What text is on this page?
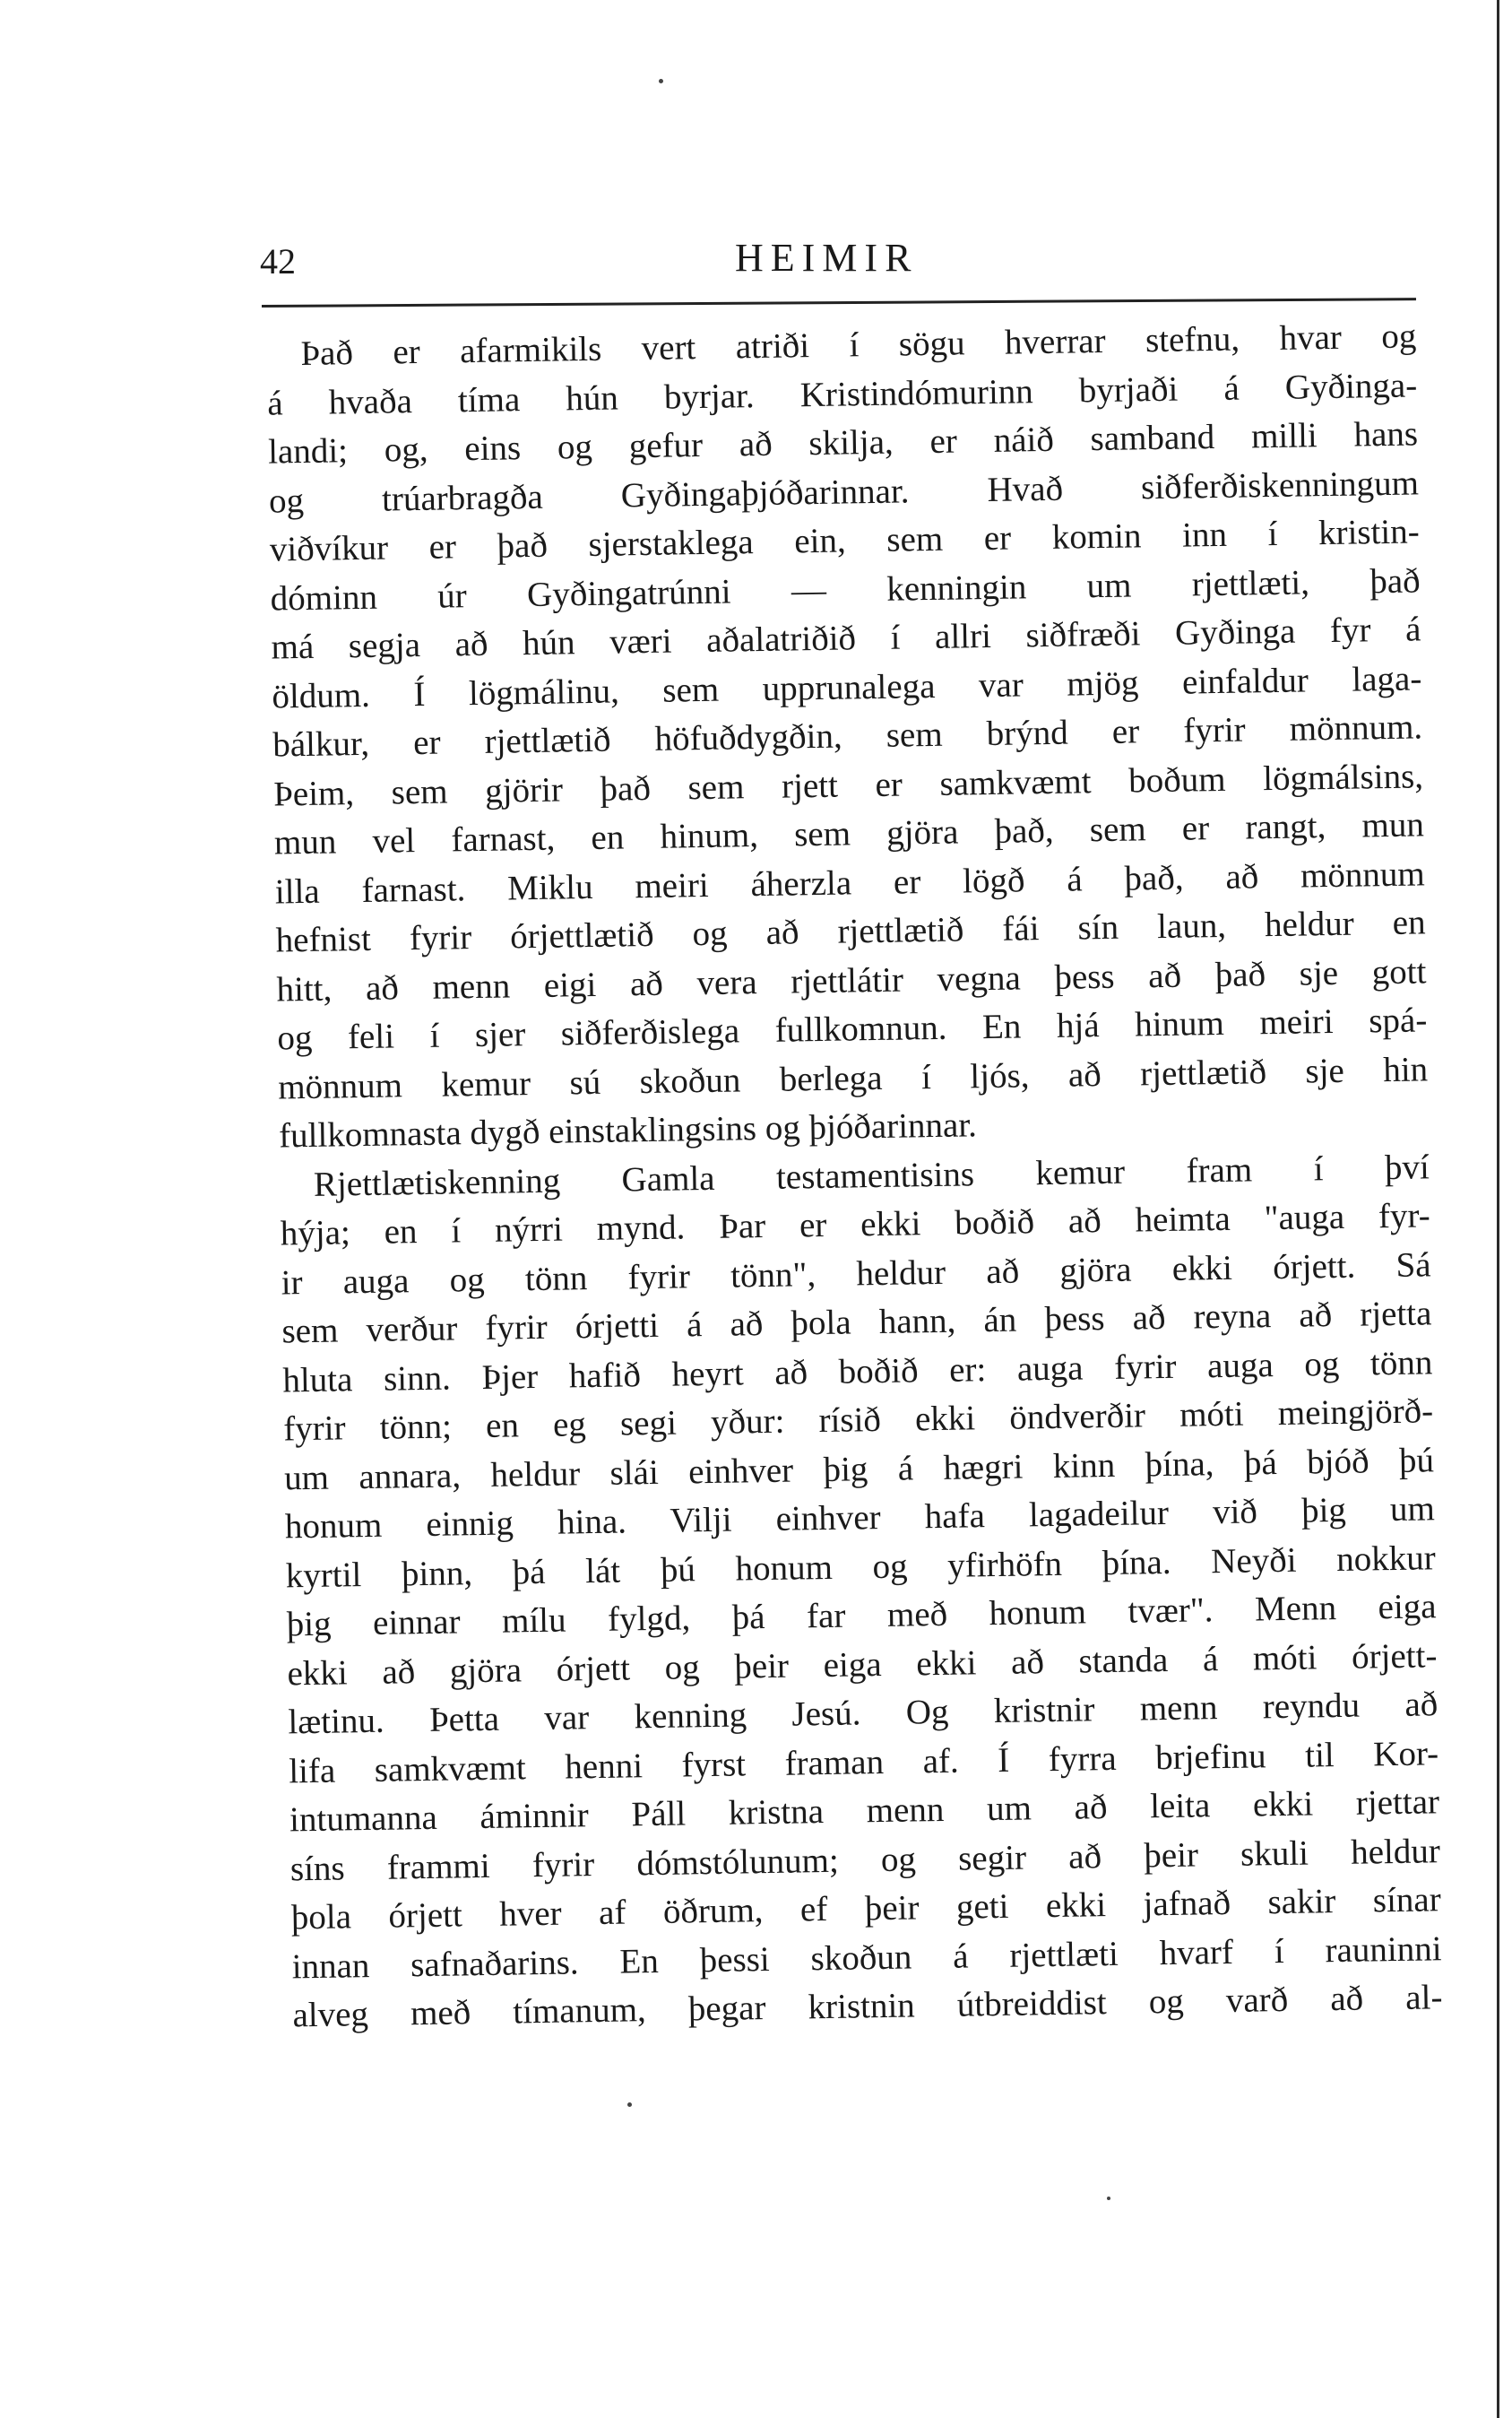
42	HEIMIR
Það er afarmikils vert atriði í sögu hverrar stefnu, hvar og
á hvaða tíma hún byrjar. Kristindómurinn byrjaði á Gyðinga-
landi; og, eins og gefur að skilja, er náið samband milli hans
og trúarbragða Gyðingaþjóðarinnar. Hvað siðferðiskenningum
viðvíkur er það sjerstaklega ein, sem er komin inn í kristin-
dóminn úr Gyðingatrúnni — kenningin um rjettlæti, það
má segja að hún væri aðalatriðið í allri siðfræði Gyðinga fyr á
öldum. Í lögmálinu, sem upprunalega var mjög einfaldur laga-
bálkur, er rjettlætið höfuðdygðin, sem brýnd er fyrir mönnum.
Þeim, sem gjörir það sem rjett er samkvæmt boðum lögmálsins,
mun vel farnast, en hinum, sem gjöra það, sem er rangt, mun
illa farnast. Miklu meiri áherzla er lögð á það, að mönnum
hefnist fyrir órjettlætið og að rjettlætið fái sín laun, heldur en
hitt, að menn eigi að vera rjettlátir vegna þess að það sje gott
og feli í sjer siðferðislega fullkomnun. En hjá hinum meiri spá-
mönnum kemur sú skoðun berlega í ljós, að rjettlætið sje hin
fullkomnasta dygð einstaklingsins og þjóðarinnar.
Rjettlætiskenning Gamla testamentisins kemur fram í því
hýja; en í nýrri mynd. Þar er ekki boðið að heimta "auga fyr-
ir auga og tönn fyrir tönn", heldur að gjöra ekki órjett. Sá
sem verður fyrir órjetti á að þola hann, án þess að reyna að rjetta
hluta sinn. Þjer hafið heyrt að boðið er: auga fyrir auga og tönn
fyrir tönn; en eg segi yður: rísið ekki öndverðir móti meingjörð-
um annara, heldur slái einhver þig á hægri kinn þína, þá bjóð þú
honum einnig hina. Vilji einhver hafa lagadeilur við þig um
kyrtil þinn, þá lát þú honum og yfirhöfn þína. Neyði nokkur
þig einnar mílu fylgd, þá far með honum tvær". Menn eiga
ekki að gjöra órjett og þeir eiga ekki að standa á móti órjett-
lætinu. Þetta var kenning Jesú. Og kristnir menn reyndu að
lifa samkvæmt henni fyrst framan af. Í fyrra brjefinu til Kor-
intumanna áminnir Páll kristna menn um að leita ekki rjettar
síns frammi fyrir dómstólunum; og segir að þeir skuli heldur
þola órjett hver af öðrum, ef þeir geti ekki jafnað sakir sínar
innan safnaðarins. En þessi skoðun á rjettlæti hvarf í rauninni
alveg með tímanum, þegar kristnin útbreiddist og varð að al-
